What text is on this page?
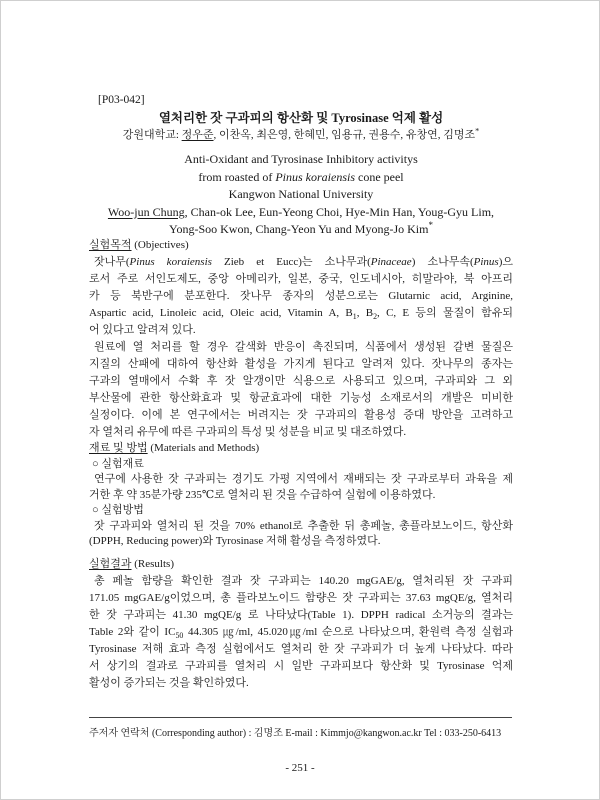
[P03-042]
열처리한 잣 구과피의 항산화 및 Tyrosinase 억제 활성
강원대학교: 정우준, 이찬옥, 최은영, 한혜민, 임용규, 권용수, 유창연, 김명조*
Anti-Oxidant and Tyrosinase Inhibitory activitys
from roasted of Pinus koraiensis cone peel
Kangwon National University
Woo-jun Chung, Chan-ok Lee, Eun-Yeong Choi, Hye-Min Han, Youg-Gyu Lim,
Yong-Soo Kwon, Chang-Yeon Yu and Myong-Jo Kim*
실험목적 (Objectives)
잣나무(Pinus koraiensis Zieb et Eucc)는 소나무과(Pinaceae) 소나무속(Pinus)으
로서 주로 서인도제도, 중앙 아메리카, 일본, 중국, 인도네시아, 히말라야, 북 아프리
카 등 북반구에 분포한다. 잣나무 종자의 성분으로는 Glutarnic acid, Arginine,
Aspartic acid, Linoleic acid, Oleic acid, Vitamin A, $B_1$, $B_2$, C, E 등의 물질이 함유되
어 있다고 알려져 있다.
원료에 열 처리를 할 경우 갈색화 반응이 촉진되며, 식품에서 생성된 갈변 물질은
지질의 산패에 대하여 항산화 활성을 가지게 된다고 알려져 있다. 잣나무의 종자는
구과의 열매에서 수확 후 잣 알갱이만 식용으로 사용되고 있으며, 구과피와 그 외
부산물에 관한 항산화효과 및 항균효과에 대한 기능성 소재로서의 개발은 미비한
실정이다. 이에 본 연구에서는 버려지는 잣 구과피의 활용성 증대 방안을 고려하고
자 열처리 유무에 따른 구과피의 특성 및 성분을 비교 및 대조하였다.
재료 및 방법 (Materials and Methods)
○ 실험재료
연구에 사용한 잣 구과피는 경기도 가평 지역에서 재배되는 잣 구과로부터 과육을 제
거한 후 약 35분가량 235℃로 열처리 된 것을 수급하여 실험에 이용하였다.
○ 실험방법
잣 구과피와 열처리 된 것을 70% ethanol로 추출한 뒤 총페놀, 총플라보노이드, 항산화
(DPPH, Reducing power)와 Tyrosinase 저해 활성을 측정하였다.
실험결과 (Results)
총 페놀 함량을 확인한 결과 잣 구과피는 140.20 mgGAE/g, 열처리된 잣 구과피
171.05 mgGAE/g이었으며, 총 플라보노이드 함량은 잣 구과피는 37.63 mgQE/g, 열처리
한 잣 구과피는 41.30 mgQE/g 로 나타났다(Table 1). DPPH radical 소거능의 결과는
Table 2와 같이 $IC_{50}$ 44.305 ㎍/ml, 45.020㎍/ml 순으로 나타났으며, 환원력 측정 실험과
Tyrosinase 저해 효과 측정 실험에서도 열처리 한 잣 구과피가 더 높게 나타났다. 따라
서 상기의 결과로 구과피를 열처리 시 일반 구과피보다 항산화 및 Tyrosinase 억제
활성이 증가되는 것을 확인하였다.
주저자 연락처 (Corresponding author) : 김명조 E-mail : Kimmjo@kangwon.ac.kr Tel : 033-250-6413
- 251 -
